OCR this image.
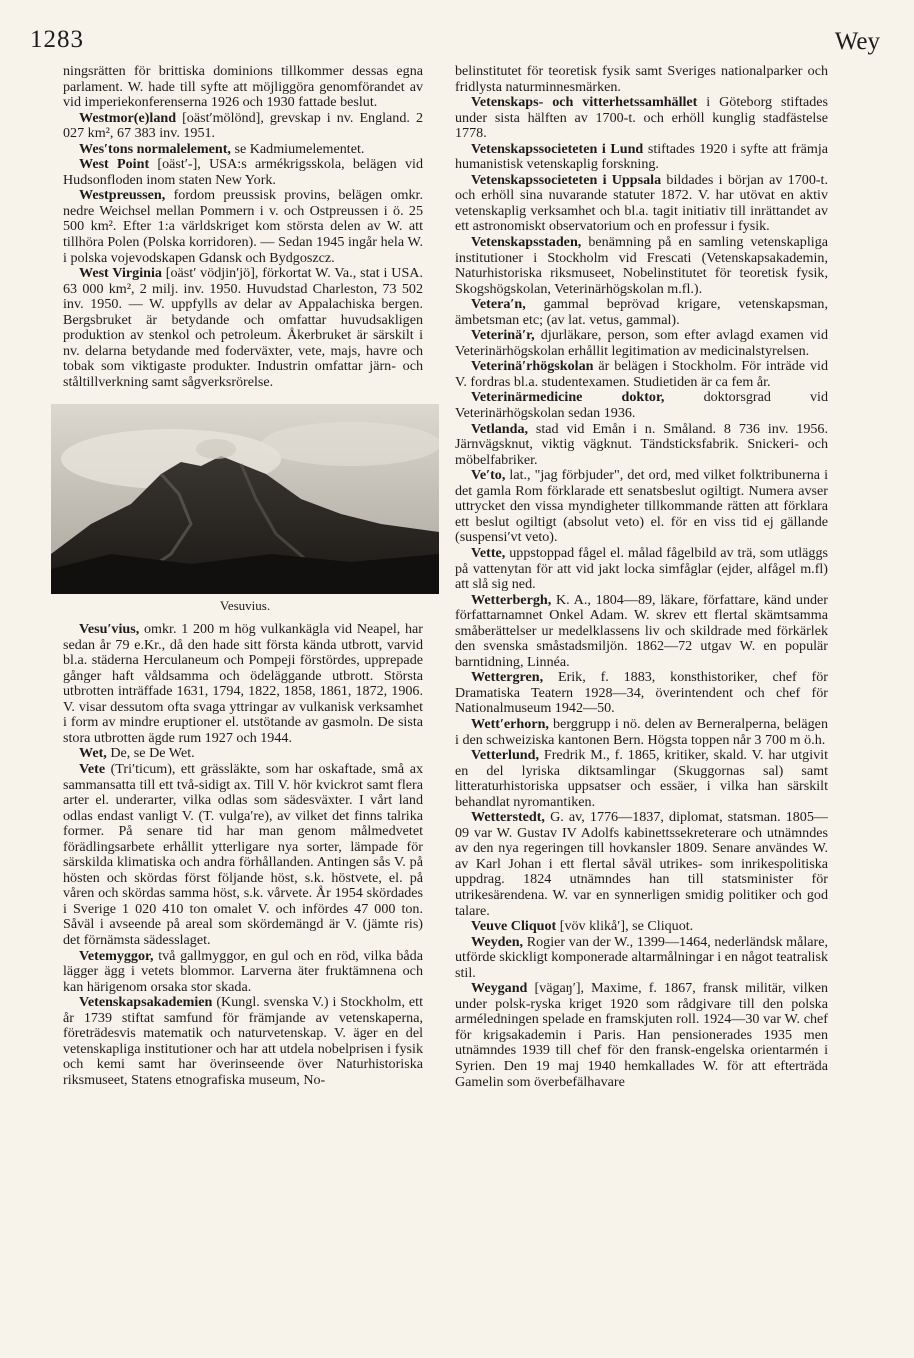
1283	Wey

ningsrätten för brittiska dominions tillkommer dessas egna parlament. W. hade till syfte att möjliggöra genomförandet av vid imperiekonferenserna 1926 och 1930 fattade beslut.

Westmor(e)land [oäst′mölönd], grevskap i nv. England. 2 027 km², 67 383 inv. 1951.

Wes′tons normalelement, se Kadmiumelementet.

West Point [oäst′-], USA:s armékrigsskola, belägen vid Hudsonfloden inom staten New York.

Westpreussen, fordom preussisk provins, belägen omkr. nedre Weichsel mellan Pommern i v. och Ostpreussen i ö. 25 500 km². Efter 1:a världskriget kom största delen av W. att tillhöra Polen (Polska korridoren). — Sedan 1945 ingår hela W. i polska vojevodskapen Gdansk och Bydgoszcz.

West Virginia [oäst′ vödjin′jö], förkortat W. Va., stat i USA. 63 000 km², 2 milj. inv. 1950. Huvudstad Charleston, 73 502 inv. 1950. — W. uppfylls av delar av Appalachiska bergen. Bergsbruket är betydande och omfattar huvudsakligen produktion av stenkol och petroleum. Åkerbruket är särskilt i nv. delarna betydande med foderväxter, vete, majs, havre och tobak som viktigaste produkter. Industrin omfattar järn- och ståltillverkning samt sågverksrörelse.

Vesuvius.

Vesu′vius, omkr. 1 200 m hög vulkankägla vid Neapel, har sedan år 79 e.Kr., då den hade sitt första kända utbrott, varvid bl.a. städerna Herculaneum och Pompeji förstördes, upprepade gånger haft våldsamma och ödeläggande utbrott. Största utbrotten inträffade 1631, 1794, 1822, 1858, 1861, 1872, 1906. V. visar dessutom ofta svaga yttringar av vulkanisk verksamhet i form av mindre eruptioner el. utstötande av gasmoln. De sista stora utbrotten ägde rum 1927 och 1944.

Wet, De, se De Wet.

Vete (Tri′ticum), ett grässläkte, som har oskaftade, små ax sammansatta till ett två-sidigt ax. Till V. hör kvickrot samt flera arter el. underarter, vilka odlas som sädesväxter. I vårt land odlas endast vanligt V. (T. vulga′re), av vilket det finns talrika former. På senare tid har man genom målmedvetet förädlingsarbete erhållit ytterligare nya sorter, lämpade för särskilda klimatiska och andra förhållanden. Antingen sås V. på hösten och skördas först följande höst, s.k. höstvete, el. på våren och skördas samma höst, s.k. vårvete. År 1954 skördades i Sverige 1 020 410 ton omalet V. och infördes 47 000 ton. Såväl i avseende på areal som skördemängd är V. (jämte ris) det förnämsta sädesslaget.

Vetemyggor, två gallmyggor, en gul och en röd, vilka båda lägger ägg i vetets blommor. Larverna äter fruktämnena och kan härigenom orsaka stor skada.

Vetenskapsakademien (Kungl. svenska V.) i Stockholm, ett år 1739 stiftat samfund för främjande av vetenskaperna, företrädesvis matematik och naturvetenskap. V. äger en del vetenskapliga institutioner och har att utdela nobelprisen i fysik och kemi samt har överinseende över Naturhistoriska riksmuseet, Statens etnografiska museum, No-

belinstitutet för teoretisk fysik samt Sveriges nationalparker och fridlysta naturminnesmärken.

Vetenskaps- och vitterhetssamhället i Göteborg stiftades under sista hälften av 1700-t. och erhöll kunglig stadfästelse 1778.

Vetenskapssocieteten i Lund stiftades 1920 i syfte att främja humanistisk vetenskaplig forskning.

Vetenskapssocieteten i Uppsala bildades i början av 1700-t. och erhöll sina nuvarande statuter 1872. V. har utövat en aktiv vetenskaplig verksamhet och bl.a. tagit initiativ till inrättandet av ett astronomiskt observatorium och en professur i fysik.

Vetenskapsstaden, benämning på en samling vetenskapliga institutioner i Stockholm vid Frescati (Vetenskapsakademin, Naturhistoriska riksmuseet, Nobelinstitutet för teoretisk fysik, Skogshögskolan, Veterinärhögskolan m.fl.).

Vetera′n, gammal beprövad krigare, vetenskapsman, ämbetsman etc; (av lat. vetus, gammal).

Veterinä′r, djurläkare, person, som efter avlagd examen vid Veterinärhögskolan erhållit legitimation av medicinalstyrelsen.

Veterinä′rhögskolan är belägen i Stockholm. För inträde vid V. fordras bl.a. studentexamen. Studietiden är ca fem år.

Veterinärmedicine doktor, doktorsgrad vid Veterinärhögskolan sedan 1936.

Vetlanda, stad vid Emån i n. Småland. 8 736 inv. 1956. Järnvägsknut, viktig vägknut. Tändsticksfabrik. Snickeri- och möbelfabriker.

Ve′to, lat., "jag förbjuder", det ord, med vilket folktribunerna i det gamla Rom förklarade ett senatsbeslut ogiltigt. Numera avser uttrycket den vissa myndigheter tillkommande rätten att förklara ett beslut ogiltigt (absolut veto) el. för en viss tid ej gällande (suspensi′vt veto).

Vette, uppstoppad fågel el. målad fågelbild av trä, som utläggs på vattenytan för att vid jakt locka simfåglar (ejder, alfågel m.fl) att slå sig ned.

Wetterbergh, K. A., 1804—89, läkare, författare, känd under författarnamnet Onkel Adam. W. skrev ett flertal skämtsamma småberättelser ur medelklassens liv och skildrade med förkärlek den svenska småstadsmiljön. 1862—72 utgav W. en populär barntidning, Linnéa.

Wettergren, Erik, f. 1883, konsthistoriker, chef för Dramatiska Teatern 1928—34, överintendent och chef för Nationalmuseum 1942—50.

Wett′erhorn, berggrupp i nö. delen av Berneralperna, belägen i den schweiziska kantonen Bern. Högsta toppen når 3 700 m ö.h.

Vetterlund, Fredrik M., f. 1865, kritiker, skald. V. har utgivit en del lyriska diktsamlingar (Skuggornas sal) samt litteraturhistoriska uppsatser och essäer, i vilka han särskilt behandlat nyromantiken.

Wetterstedt, G. av, 1776—1837, diplomat, statsman. 1805—09 var W. Gustav IV Adolfs kabinettssekreterare och utnämndes av den nya regeringen till hovkansler 1809. Senare användes W. av Karl Johan i ett flertal såväl utrikes- som inrikespolitiska uppdrag. 1824 utnämndes han till statsminister för utrikesärendena. W. var en synnerligen smidig politiker och god talare.

Veuve Cliquot [vöv klikå′], se Cliquot.

Weyden, Rogier van der W., 1399—1464, nederländsk målare, utförde skickligt komponerade altarmålningar i en något teatralisk stil.

Weygand [vägaŋ′], Maxime, f. 1867, fransk militär, vilken under polsk-ryska kriget 1920 som rådgivare till den polska arméledningen spelade en framskjuten roll. 1924—30 var W. chef för krigsakademin i Paris. Han pensionerades 1935 men utnämndes 1939 till chef för den fransk-engelska orientarmén i Syrien. Den 19 maj 1940 hemkallades W. för att efterträda Gamelin som överbefälhavare
